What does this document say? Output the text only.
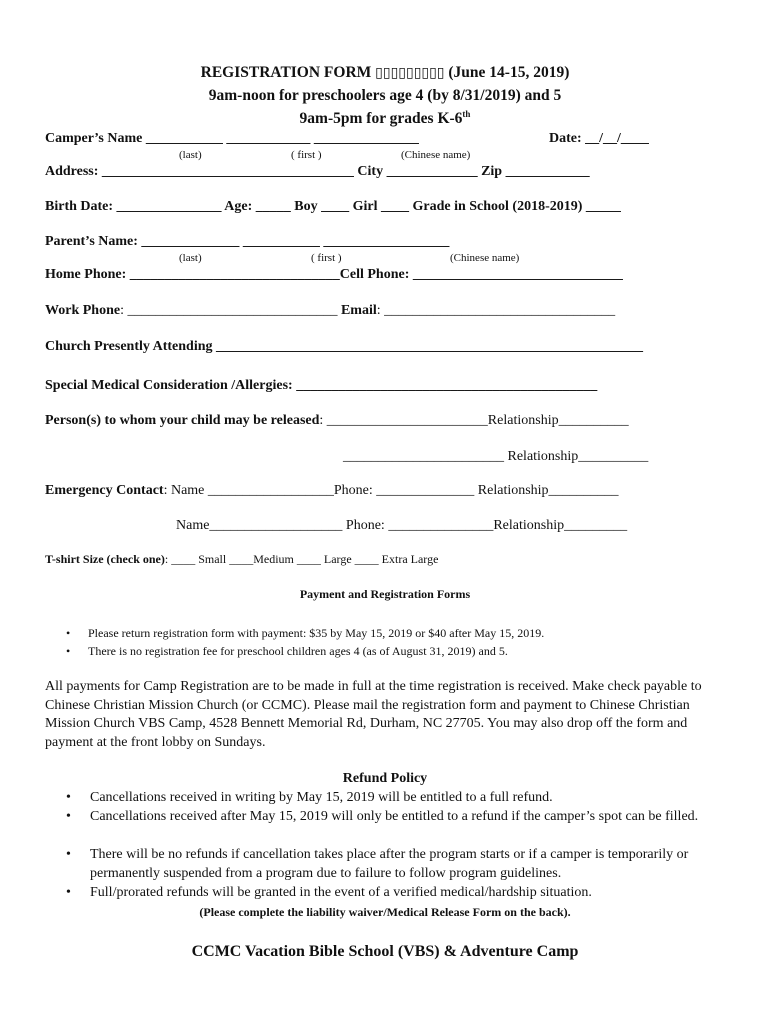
REGISTRATION FORM ▯▯▯▯▯▯▯▯▯ (June 14-15, 2019)
9am-noon for preschoolers age 4 (by 8/31/2019) and 5
9am-5pm for grades K-6th
Camper’s Name ___________ ____________ _______________	Date: __/__/____
(last)	( first )	(Chinese name)
Address: ____________________________________ City _____________ Zip ____________
Birth Date: _______________ Age: _____ Boy ____ Girl ____ Grade in School (2018-2019) _____
Parent’s Name: ______________ ___________ __________________
(last)	( first )	(Chinese name)
Home Phone: ______________________________Cell Phone: ______________________________
Work Phone: ______________________________ Email: _________________________________
Church Presently Attending _____________________________________________________________
Special Medical Consideration /Allergies: ___________________________________________
Person(s) to whom your child may be released: _______________________Relationship__________
_______________________ Relationship__________
Emergency Contact: Name __________________Phone: ______________ Relationship__________
Name___________________ Phone: _______________Relationship_________
T-shirt Size (check one): ____ Small ____Medium ____ Large ____ Extra Large
Payment and Registration Forms
• Please return registration form with payment: $35 by May 15, 2019 or $40 after May 15, 2019.
• There is no registration fee for preschool children ages 4 (as of August 31, 2019) and 5.
All payments for Camp Registration are to be made in full at the time registration is received. Make check payable to Chinese Christian Mission Church (or CCMC). Please mail the registration form and payment to Chinese Christian Mission Church VBS Camp, 4528 Bennett Memorial Rd, Durham, NC 27705. You may also drop off the form and payment at the front lobby on Sundays.
Refund Policy
• Cancellations received in writing by May 15, 2019 will be entitled to a full refund.
• Cancellations received after May 15, 2019 will only be entitled to a refund if the camper’s spot can be filled.
• There will be no refunds if cancellation takes place after the program starts or if a camper is temporarily or permanently suspended from a program due to failure to follow program guidelines.
• Full/prorated refunds will be granted in the event of a verified medical/hardship situation.
(Please complete the liability waiver/Medical Release Form on the back).
CCMC Vacation Bible School (VBS) & Adventure Camp
